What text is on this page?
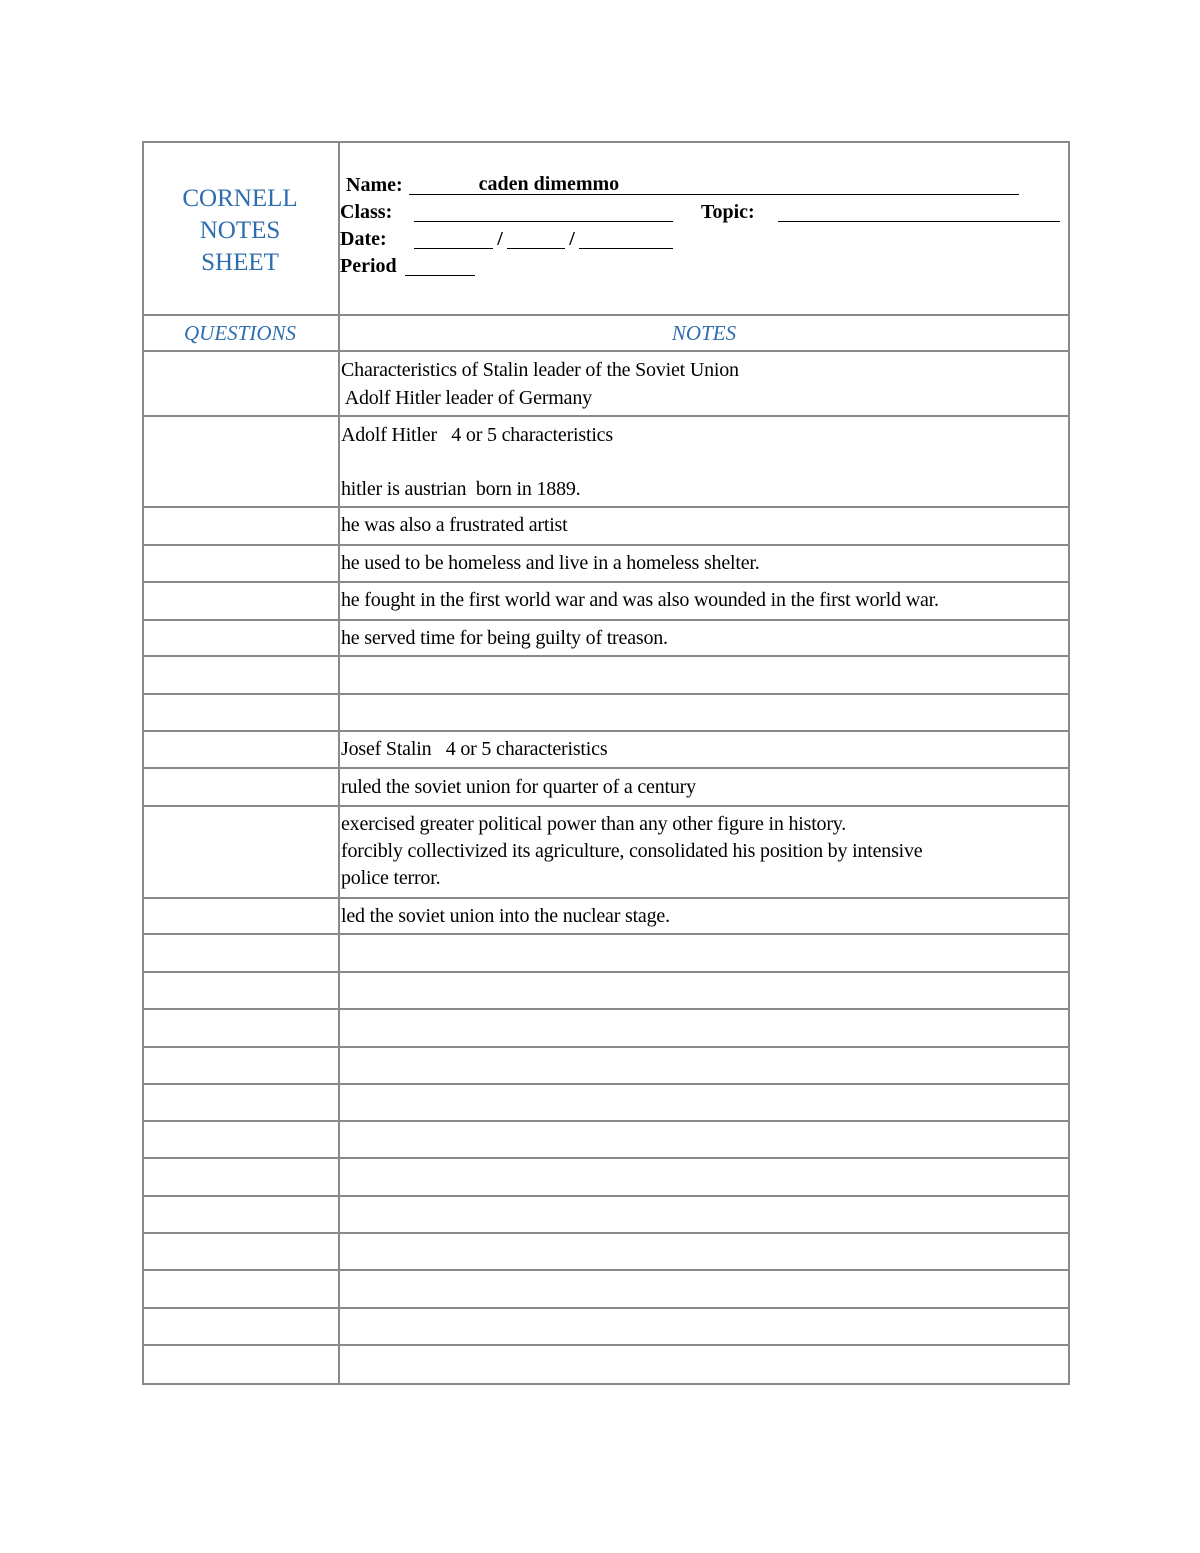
CORNELL
NOTES
SHEET
Name:	caden dimemmo
Class:	Topic:
Date:	/	/
Period
QUESTIONS	NOTES
Characteristics of Stalin leader of the Soviet Union
Adolf Hitler leader of Germany
Adolf Hitler   4 or 5 characteristics
hitler is austrian  born in 1889.
he was also a frustrated artist
he used to be homeless and live in a homeless shelter.
he fought in the first world war and was also wounded in the first world war.
he served time for being guilty of treason.
Josef Stalin   4 or 5 characteristics
ruled the soviet union for quarter of a century
exercised greater political power than any other figure in history.
forcibly collectivized its agriculture, consolidated his position by intensive
police terror.
led the soviet union into the nuclear stage.
